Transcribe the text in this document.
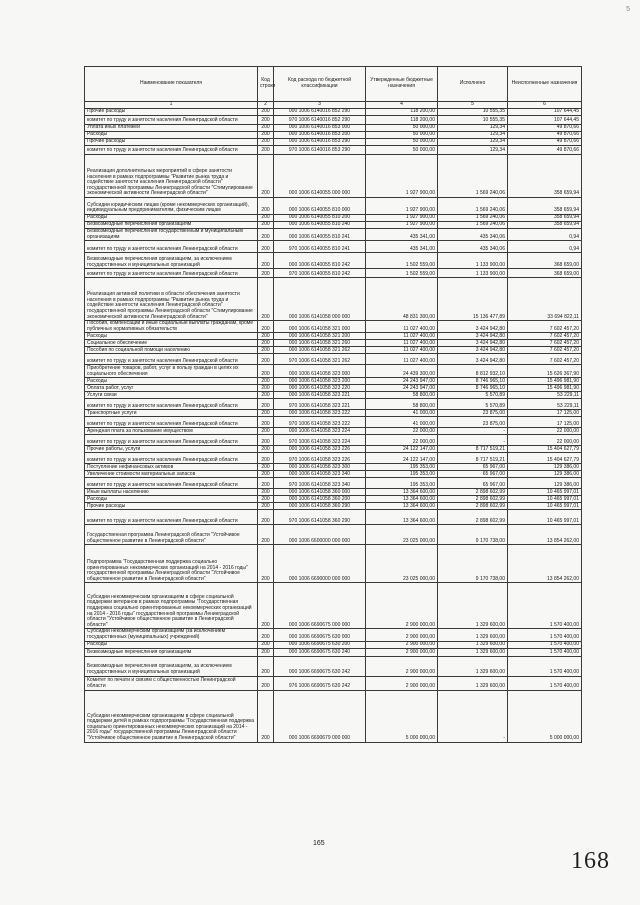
5
Наименование показателя	Код строки	Код расхода по бюджетной классификации	Утвержденные бюджетные назначения	Исполнено	Неисполненные назначения
1	2	3	4	5	6
Прочие расходы	200	000 1006 6140016 852 290	118 200,00	10 555,35	107 644,45
комитет по труду и занятости населения Ленинградской области	200	970 1006 6140016 852 290	118 200,00	10 555,35	107 644,45
Уплата иных платежей	200	000 1006 6140016 853 000	50 000,00	129,34	49 870,66
Расходы	200	000 1006 6140016 853 200	50 000,00	129,34	49 870,66
Прочие расходы	200	000 1006 6140016 853 290	50 000,00	129,34	49 870,66
комитет по труду и занятости населения Ленинградской области	200	970 1006 6140016 853 290	50 000,00	129,34	49 870,66
Реализация дополнительных мероприятий в сфере занятости населения в рамках подпрограммы "Развитие рынка труда и содействие занятости населения Ленинградской области" государственной программы Ленинградской области "Стимулирование экономической активности Ленинградской области"	200	000 1006 6140055 000 000	1 927 900,00	1 569 240,06	358 659,94
Субсидии юридическим лицам (кроме некоммерческих организаций), индивидуальным предпринимателям, физическим лицам	200	000 1006 6140055 810 000	1 927 900,00	1 569 240,06	358 659,94
Расходы	200	000 1006 6140055 810 200	1 927 900,00	1 569 240,06	358 659,94
Безвозмездные перечисления организациям	200	000 1006 6140055 810 240	1 927 900,00	1 569 240,06	358 659,94
Безвозмездные перечисления государственным и муниципальным организациям	200	000 1006 6140055 810 241	435 341,00	435 340,06	0,94
комитет по труду и занятости населения Ленинградской области	200	970 1006 6140055 810 241	435 341,00	435 340,06	0,94
Безвозмездные перечисления организациям, за исключением государственных и муниципальных организаций	200	000 1006 6140055 810 242	1 502 559,00	1 133 900,00	368 659,00
комитет по труду и занятости населения Ленинградской области	200	970 1006 6140055 810 242	1 502 559,00	1 133 900,00	368 659,00
Реализация активной политики в области обеспечения занятости населения в рамках подпрограммы "Развитие рынка труда и содействие занятости населения Ленинградской области" государственной программы Ленинградской области "Стимулирование экономической активности Ленинградской области"	200	000 1006 6141058 000 000	48 831 300,00	15 136 477,89	33 694 822,11
Пособия, компенсации и иные социальные выплаты гражданам, кроме публичных нормативных обязательств	200	000 1006 6141058 321 000	11 027 400,00	3 424 942,80	7 602 457,20
Расходы	200	000 1006 6141058 321 200	11 027 400,00	3 424 942,80	7 602 457,20
Социальное обеспечение	200	000 1006 6141058 321 260	11 027 400,00	3 424 942,80	7 602 457,20
Пособия по социальной помощи населению	200	000 1006 6141058 321 262	11 027 400,00	3 424 942,80	7 602 457,20
комитет по труду и занятости населения Ленинградской области	200	970 1006 6141058 321 262	11 027 400,00	3 424 942,80	7 602 457,20
Приобретение товаров, работ, услуг в пользу граждан в целях их социального обеспечения	200	000 1006 6141058 323 000	24 439 300,00	8 812 932,10	15 626 367,90
Расходы	200	000 1006 6141058 323 200	24 243 947,00	8 746 965,10	15 496 981,90
Оплата работ, услуг	200	000 1006 6141058 323 220	24 243 947,00	8 746 965,10	15 496 981,90
Услуги связи	200	000 1006 6141058 323 221	58 800,00	5 570,89	53 229,11
комитет по труду и занятости населения Ленинградской области	200	970 1006 6141058 323 221	58 800,00	5 570,89	53 229,11
Транспортные услуги	200	000 1006 6141058 323 222	41 000,00	23 875,00	17 125,00
комитет по труду и занятости населения Ленинградской области	200	970 1006 6141058 323 222	41 000,00	23 875,00	17 125,00
Арендная плата за пользование имуществом	200	000 1006 6141058 323 224	22 000,00	-	22 000,00
комитет по труду и занятости населения Ленинградской области	200	970 1006 6141058 323 224	22 000,00	-	22 000,00
Прочие работы, услуги	200	000 1006 6141058 323 226	24 122 147,00	8 717 519,21	15 404 627,79
комитет по труду и занятости населения Ленинградской области	200	970 1006 6141058 323 226	24 122 147,00	8 717 519,21	15 404 627,79
Поступление нефинансовых активов	200	000 1006 6141058 323 300	195 353,00	65 967,00	129 386,00
Увеличение стоимости материальных запасов	200	000 1006 6141058 323 340	195 353,00	65 967,00	129 386,00
комитет по труду и занятости населения Ленинградской области	200	970 1006 6141058 323 340	195 353,00	65 967,00	129 386,00
Иные выплаты населению	200	000 1006 6141058 360 000	13 364 600,00	2 898 602,99	10 465 997,01
Расходы	200	000 1006 6141058 360 200	13 364 600,00	2 898 602,99	10 465 997,01
Прочие расходы	200	000 1006 6141058 360 290	13 364 600,00	2 898 602,99	10 465 997,01
комитет по труду и занятости населения Ленинградской области	200	970 1006 6141058 360 290	13 364 600,00	2 898 602,99	10 465 997,01
Государственная программа Ленинградской области "Устойчивое общественное развитие в Ленинградской области"	200	000 1006 6600000 000 000	23 025 000,00	9 170 738,00	13 854 262,00
Подпрограмма "Государственная поддержка социально ориентированных некоммерческих организаций на 2014 - 2016 годы" государственной программы Ленинградской области "Устойчивое общественное развитие в Ленинградской области"	200	000 1006 6690000 000 000	23 025 000,00	9 170 738,00	13 854 262,00
Субсидии некоммерческим организациям в сфере социальной поддержки ветеранов в рамках подпрограммы "Государственная поддержка социально ориентированных некоммерческих организаций на 2014 - 2016 годы" государственной программы Ленинградской области "Устойчивое общественное развитие в Ленинградской области"	200	000 1006 6690675 000 000	2 900 000,00	1 329 600,00	1 570 400,00
Субсидии некоммерческим организациям (за исключением государственных (муниципальных) учреждений)	200	000 1006 6690675 630 000	2 900 000,00	1 329 600,00	1 570 400,00
Расходы	200	000 1006 6690675 630 200	2 900 000,00	1 329 600,00	1 570 400,00
Безвозмездные перечисления организациям	200	000 1006 6690675 630 240	2 900 000,00	1 329 600,00	1 570 400,00
Безвозмездные перечисления организациям, за исключением государственных и муниципальных организаций	200	000 1006 6690675 630 242	2 900 000,00	1 329 600,00	1 570 400,00
Комитет по печати и связям с общественностью Ленинградской области	200	976 1006 6690675 630 242	2 900 000,00	1 329 600,00	1 570 400,00
Субсидии некоммерческим организациям в сфере социальной поддержки детей в рамках подпрограммы "Государственная поддержка социально ориентированных некоммерческих организаций на 2014 - 2016 годы" государственной программы Ленинградской области "Устойчивое общественное развитие в Ленинградской области"	200	000 1006 6690679 000 000	5 000 000,00	-	5 000 000,00
165
168
